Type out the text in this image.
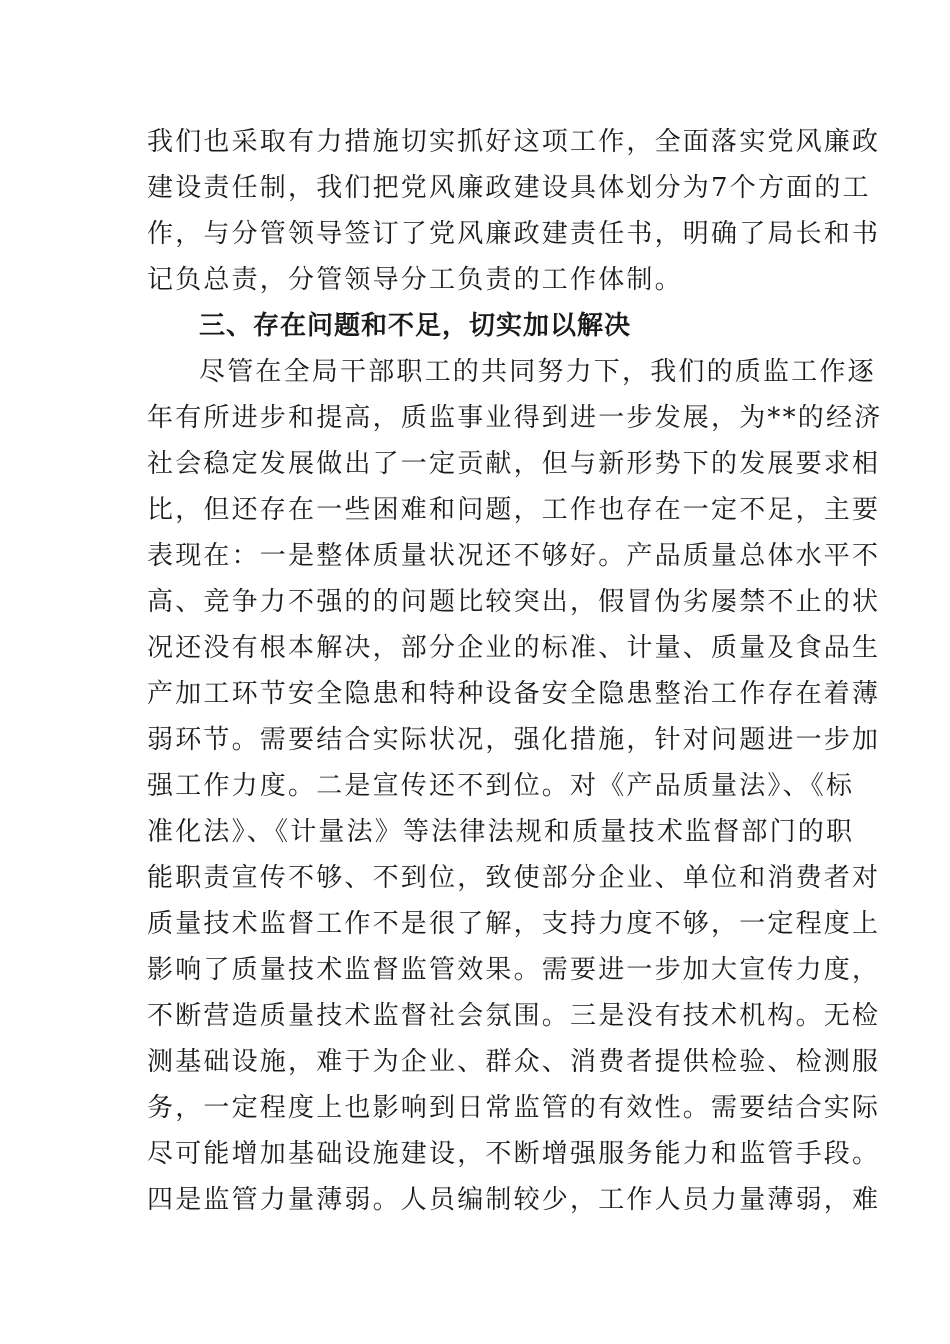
我们也采取有力措施切实抓好这项工作，全面落实党风廉政
建设责任制，我们把党风廉政建设具体划分为7个方面的工
作，与分管领导签订了党风廉政建责任书，明确了局长和书
记负总责，分管领导分工负责的工作体制。
三、存在问题和不足，切实加以解决
尽管在全局干部职工的共同努力下，我们的质监工作逐
年有所进步和提高，质监事业得到进一步发展，为**的经济
社会稳定发展做出了一定贡献，但与新形势下的发展要求相
比，但还存在一些困难和问题，工作也存在一定不足，主要
表现在：一是整体质量状况还不够好。产品质量总体水平不
高、竞争力不强的的问题比较突出，假冒伪劣屡禁不止的状
况还没有根本解决，部分企业的标准、计量、质量及食品生
产加工环节安全隐患和特种设备安全隐患整治工作存在着薄
弱环节。需要结合实际状况，强化措施，针对问题进一步加
强工作力度。二是宣传还不到位。对《产品质量法》、《标
准化法》、《计量法》等法律法规和质量技术监督部门的职
能职责宣传不够、不到位，致使部分企业、单位和消费者对
质量技术监督工作不是很了解，支持力度不够，一定程度上
影响了质量技术监督监管效果。需要进一步加大宣传力度，
不断营造质量技术监督社会氛围。三是没有技术机构。无检
测基础设施，难于为企业、群众、消费者提供检验、检测服
务，一定程度上也影响到日常监管的有效性。需要结合实际
尽可能增加基础设施建设，不断增强服务能力和监管手段。
四是监管力量薄弱。人员编制较少，工作人员力量薄弱，难
